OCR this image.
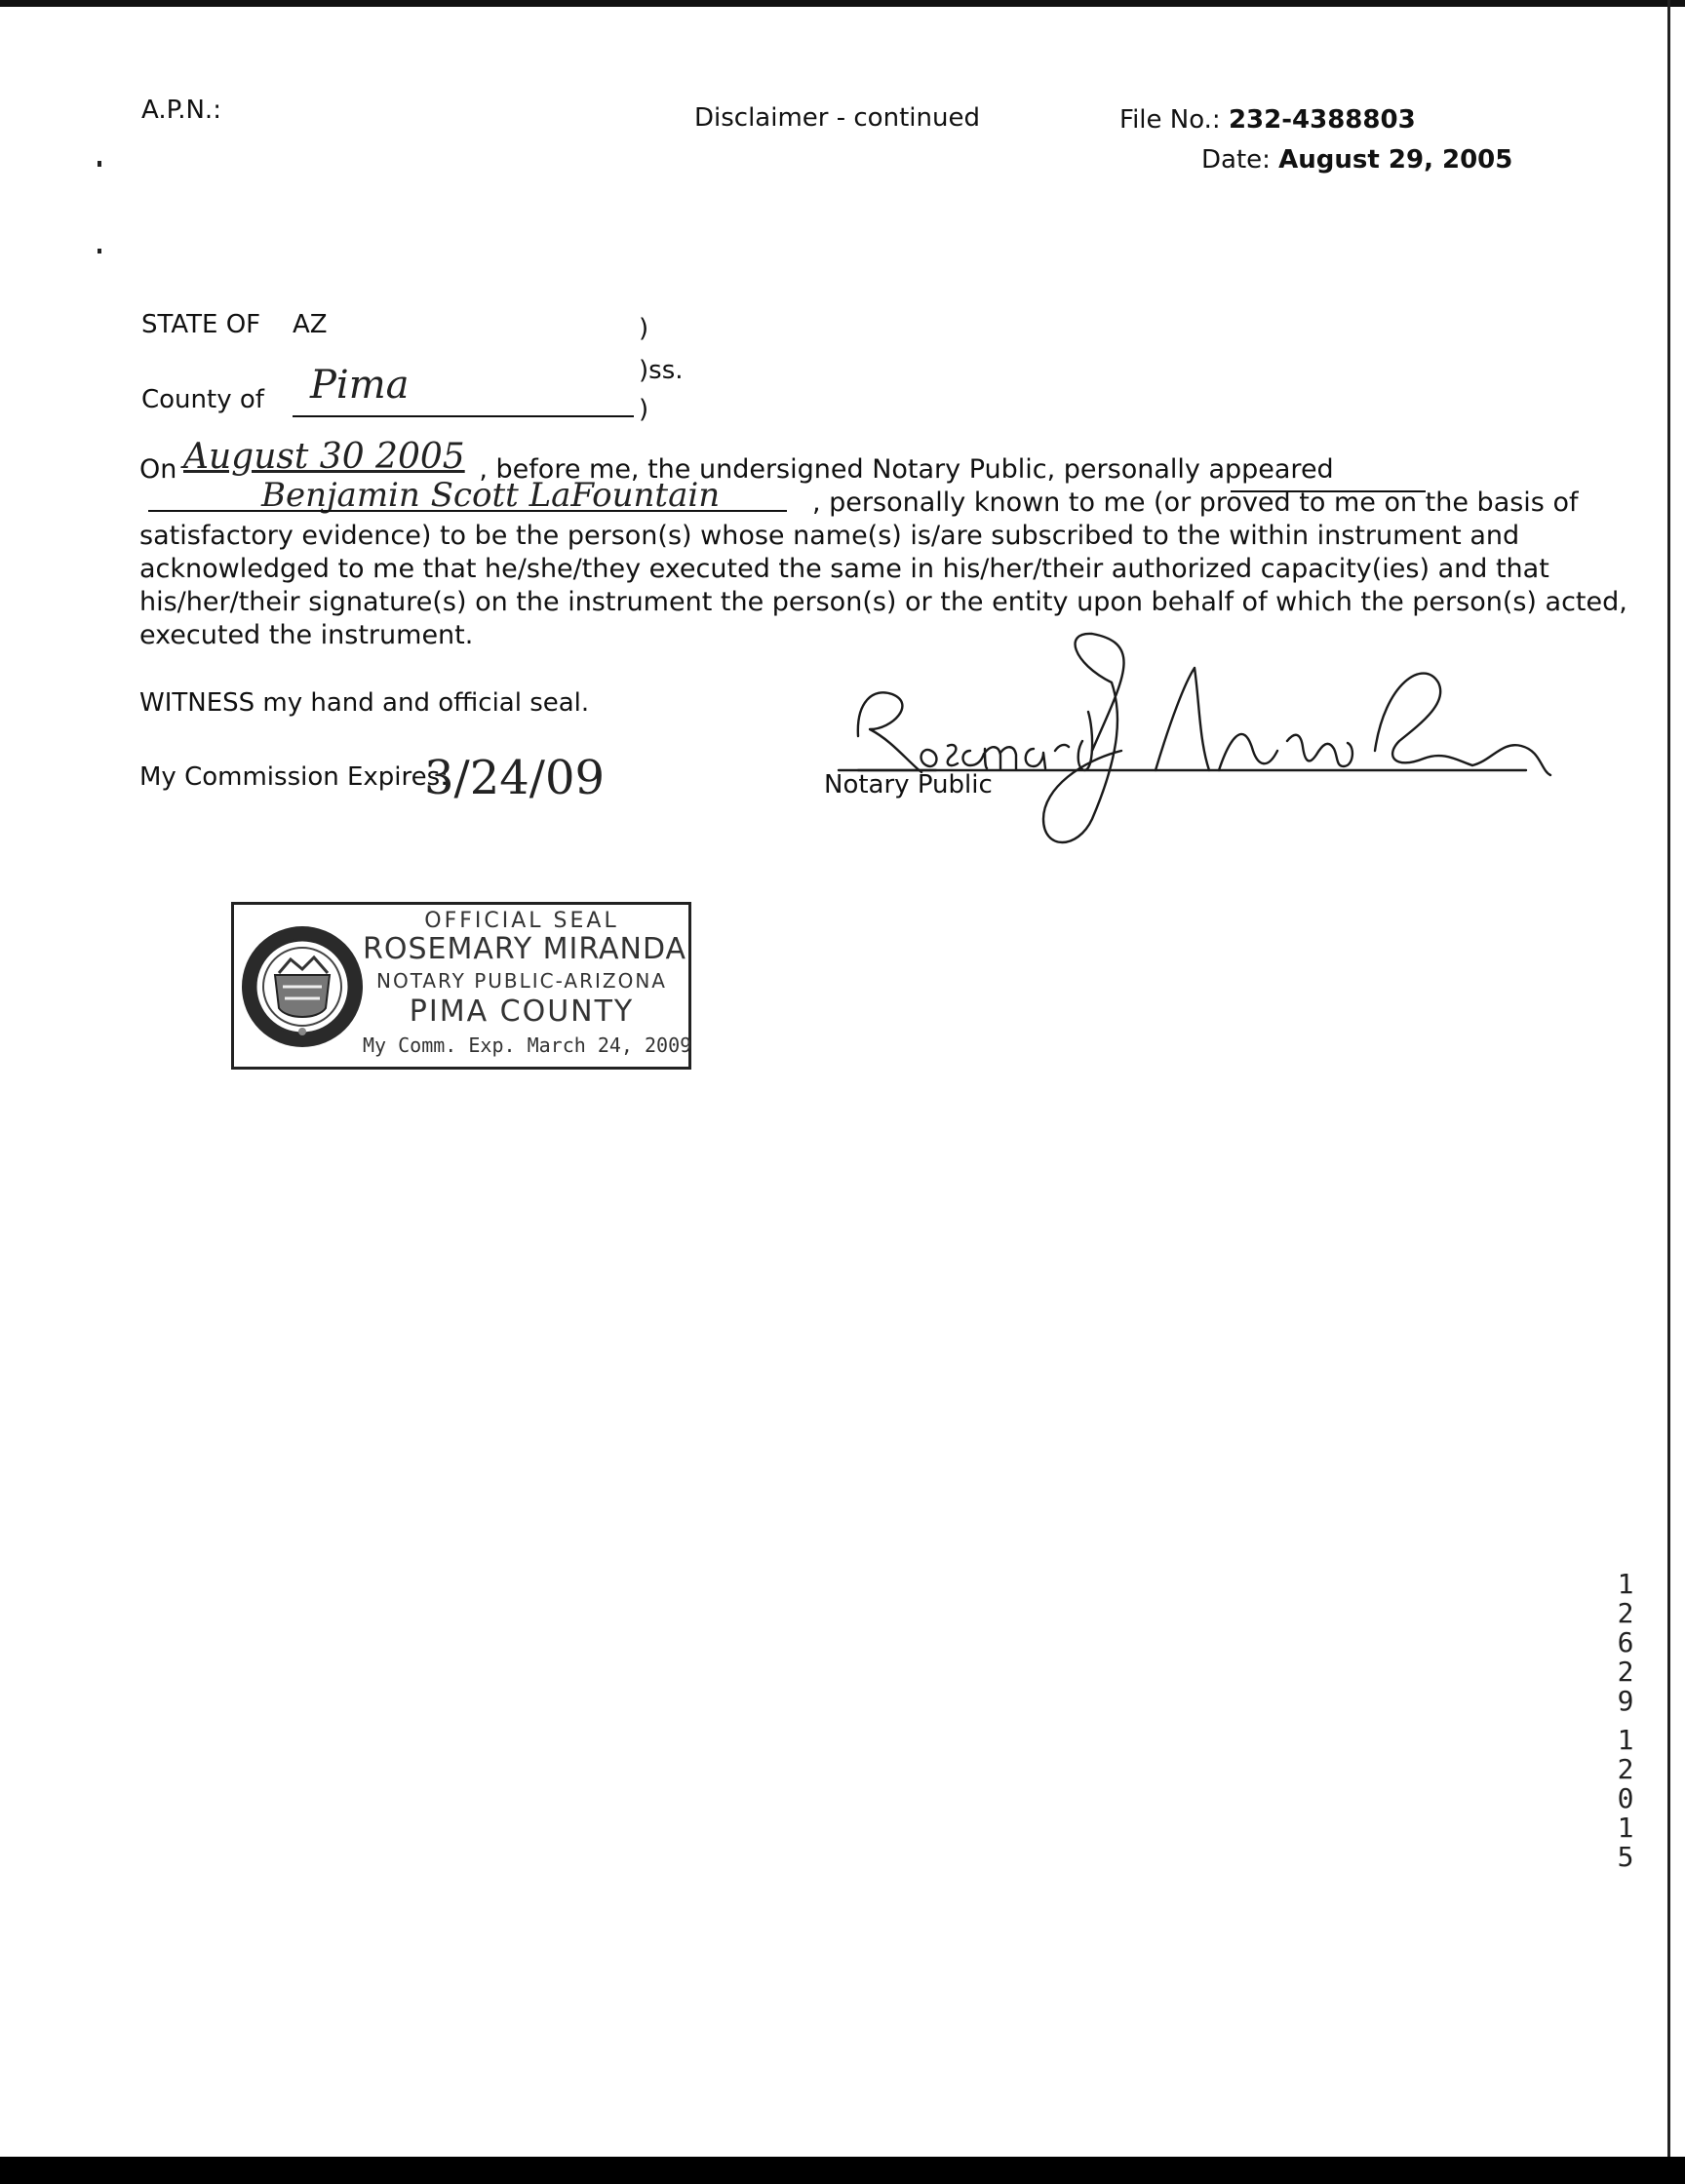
A.P.N.:	Disclaimer - continued	File No.: 232-4388803
Date: August 29, 2005
STATE OF AZ	)
)ss.
County of Pima
)
August 30 2005
Benjamin Scott LaFountain

On	, before me, the undersigned Notary Public, personally appeared

, personally known to me (or proved to me on the basis of

satisfactory evidence) to be the person(s) whose name(s) is/are subscribed to the within instrument and

acknowledged to me that he/she/they executed the same in his/her/their authorized capacity(ies) and that

his/her/their signature(s) on the instrument the person(s) or the entity upon behalf of which the person(s) acted,

executed the instrument.

WITNESS my hand and official seal.
My Commission Expires:
3/24/09	Notary Public
OFFICIAL SEAL
ROSEMARY MIRANDA
NOTARY PUBLIC-ARIZONA
PIMA COUNTY
My Comm. Exp. March 24, 2009
1
2
6
2
9
1
2
0
1
5
